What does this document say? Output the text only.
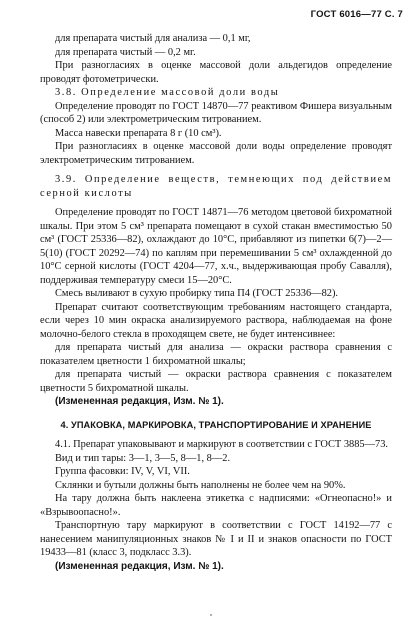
ГОСТ 6016—77 С. 7

для препарата чистый для анализа — 0,1 мг,

для препарата чистый — 0,2 мг.

При разногласиях в оценке массовой доли альдегидов определение проводят фотометрически.

3.8. Определение массовой доли воды

Определение проводят по ГОСТ 14870—77 реактивом Фишера визуальным (способ 2) или электрометрическим титрованием.

Масса навески препарата 8 г (10 см³).

При разногласиях в оценке массовой доли воды определение проводят электрометрическим титрованием.

3.9. Определение веществ, темнеющих под действием серной кислоты

Определение проводят по ГОСТ 14871—76 методом цветовой бихроматной шкалы. При этом 5 см³ препарата помещают в сухой стакан вместимостью 50 см³ (ГОСТ 25336—82), охлаждают до 10°С, прибавляют из пипетки 6(7)—2—5(10) (ГОСТ 20292—74) по каплям при перемешивании 5 см³ охлажденной до 10°С серной кислоты (ГОСТ 4204—77, х.ч., выдерживающая пробу Савалля), поддерживая температуру смеси 15—20°С.

Смесь выливают в сухую пробирку типа П4 (ГОСТ 25336—82).

Препарат считают соответствующим требованиям настоящего стандарта, если через 10 мин окраска анализируемого раствора, наблюдаемая на фоне молочно-белого стекла в проходящем свете, не будет интенсивнее:

для препарата чистый для анализа — окраски раствора сравнения с показателем цветности 1 бихроматной шкалы;

для препарата чистый — окраски раствора сравнения с показателем цветности 5 бихроматной шкалы.

(Измененная редакция, Изм. № 1).

4. УПАКОВКА, МАРКИРОВКА, ТРАНСПОРТИРОВАНИЕ И ХРАНЕНИЕ

4.1. Препарат упаковывают и маркируют в соответствии с ГОСТ 3885—73.

Вид и тип тары: 3—1, 3—5, 8—1, 8—2.

Группа фасовки: IV, V, VI, VII.

Склянки и бутыли должны быть наполнены не более чем на 90%.

На тару должна быть наклеена этикетка с надписями: «Огнеопасно!» и «Взрывоопасно!».

Транспортную тару маркируют в соответствии с ГОСТ 14192—77 с нанесением манипуляционных знаков № I и II и знаков опасности по ГОСТ 19433—81 (класс 3, подкласс 3.3).

(Измененная редакция, Изм. № 1).
